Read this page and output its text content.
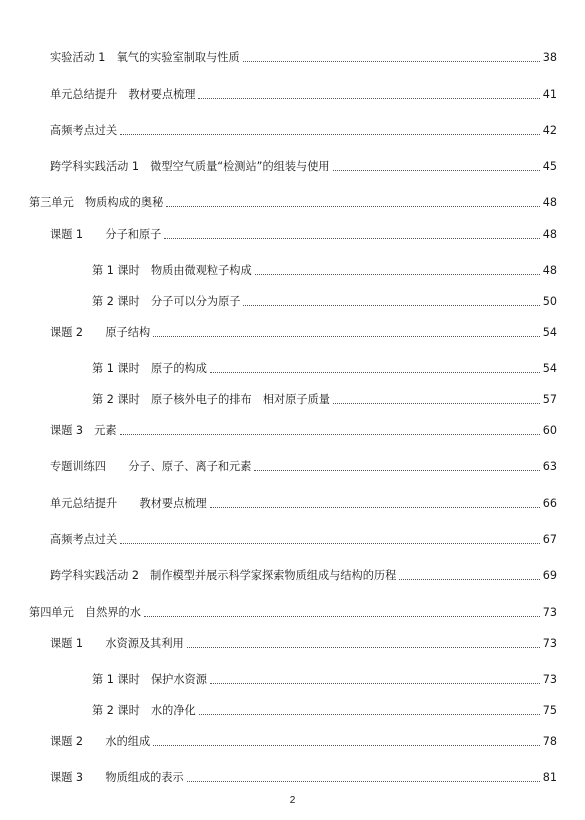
实验活动 1　氧气的实验室制取与性质	38
单元总结提升　教材要点梳理	41
高频考点过关	42
跨学科实践活动 1　微型空气质量“检测站”的组装与使用	45
第三单元　物质构成的奥秘	48
课题 1　　分子和原子	48
第 1 课时　物质由微观粒子构成	48
第 2 课时　分子可以分为原子	50
课题 2　　原子结构	54
第 1 课时　原子的构成	54
第 2 课时　原子核外电子的排布　相对原子质量	57
课题 3　元素	60
专题训练四　　分子、原子、离子和元素	63
单元总结提升　　教材要点梳理	66
高频考点过关	67
跨学科实践活动 2　制作模型并展示科学家探索物质组成与结构的历程	69
第四单元　自然界的水	73
课题 1　　水资源及其利用	73
第 1 课时　保护水资源	73
第 2 课时　水的净化	75
课题 2　　水的组成	78
课题 3　　物质组成的表示	81
2
